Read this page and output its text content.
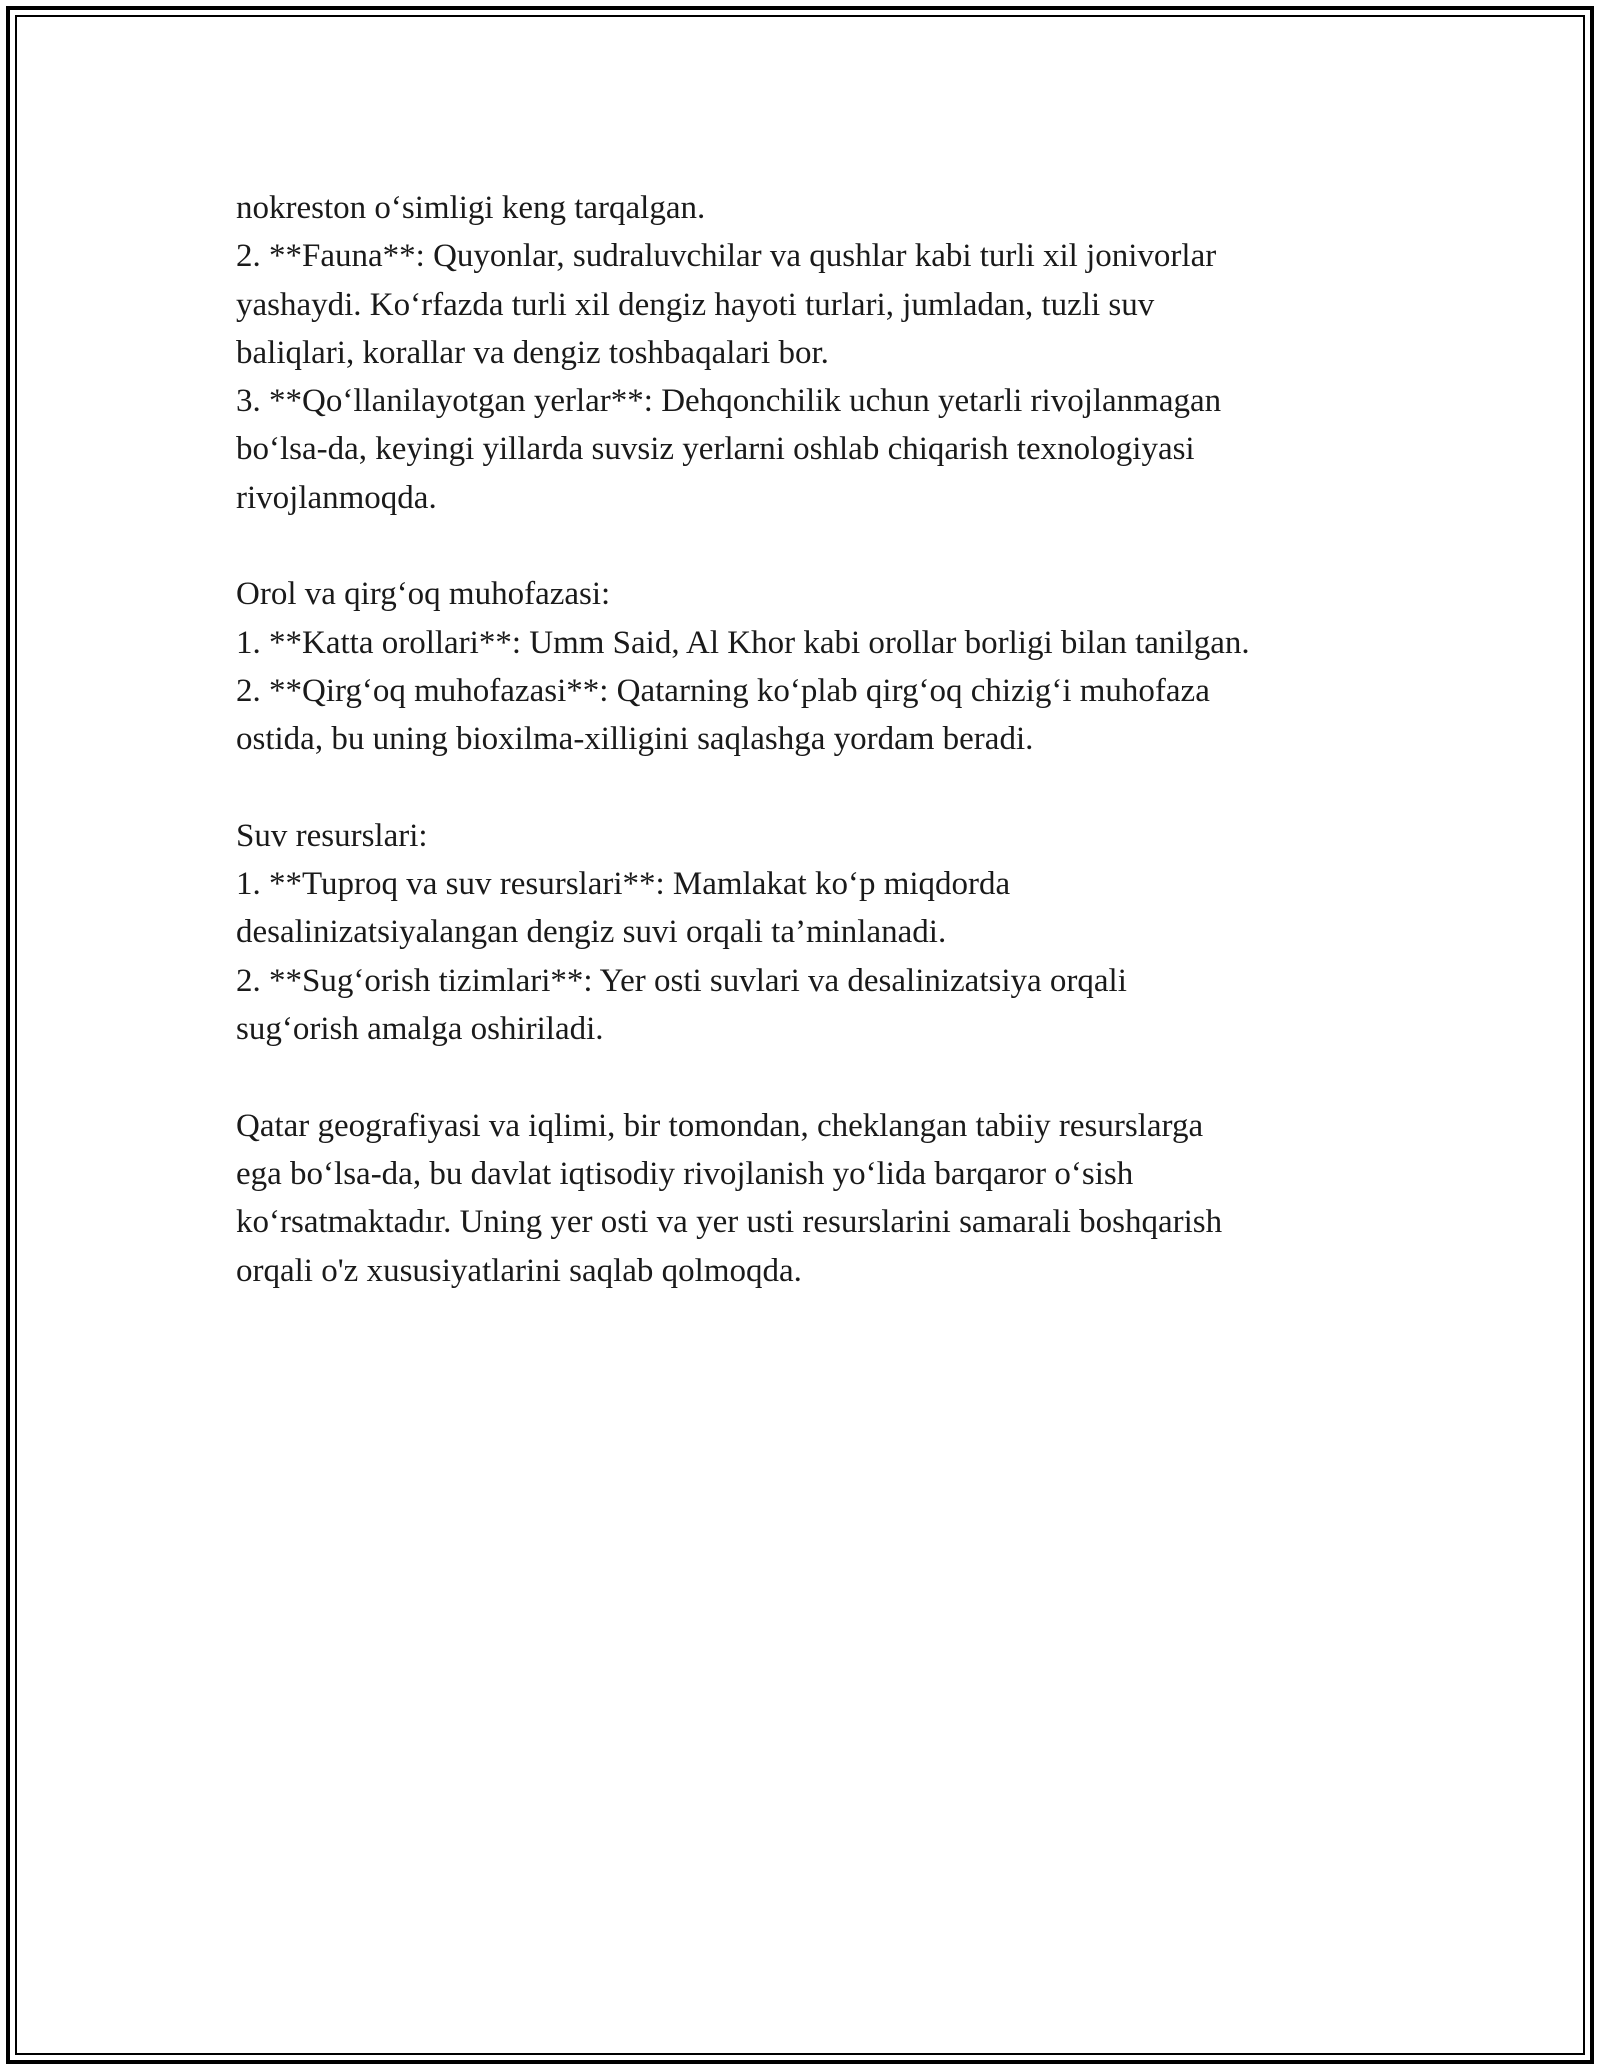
nokreston o‘simligi keng tarqalgan.
2. **Fauna**: Quyonlar, sudraluvchilar va qushlar kabi turli xil jonivorlar
yashaydi. Ko‘rfazda turli xil dengiz hayoti turlari, jumladan, tuzli suv
baliqlari, korallar va dengiz toshbaqalari bor.
3. **Qo‘llanilayotgan yerlar**: Dehqonchilik uchun yetarli rivojlanmagan
bo‘lsa-da, keyingi yillarda suvsiz yerlarni oshlab chiqarish texnologiyasi
rivojlanmoqda.
Orol va qirg‘oq muhofazasi:
1. **Katta orollari**: Umm Said, Al Khor kabi orollar borligi bilan tanilgan.
2. **Qirg‘oq muhofazasi**: Qatarning ko‘plab qirg‘oq chizig‘i muhofaza
ostida, bu uning bioxilma-xilligini saqlashga yordam beradi.
Suv resurslari:
1. **Tuproq va suv resurslari**: Mamlakat ko‘p miqdorda
desalinizatsiyalangan dengiz suvi orqali ta’minlanadi.
2. **Sug‘orish tizimlari**: Yer osti suvlari va desalinizatsiya orqali
sug‘orish amalga oshiriladi.
Qatar geografiyasi va iqlimi, bir tomondan, cheklangan tabiiy resurslarga
ega bo‘lsa-da, bu davlat iqtisodiy rivojlanish yo‘lida barqaror o‘sish
ko‘rsatmaktadır. Uning yer osti va yer usti resurslarini samarali boshqarish
orqali o'z xususiyatlarini saqlab qolmoqda.
